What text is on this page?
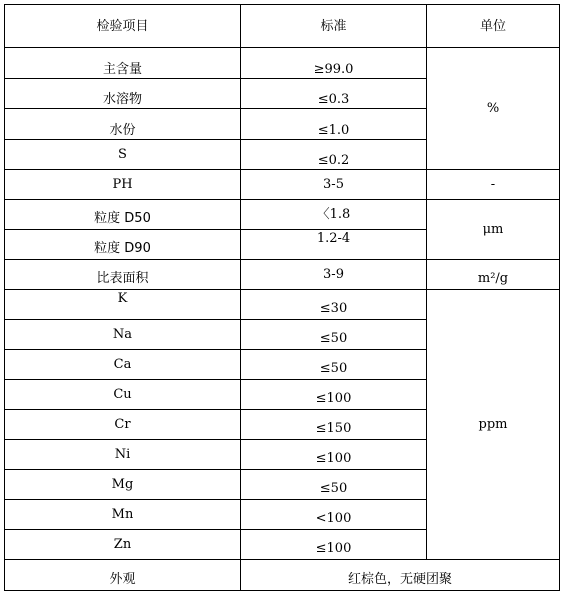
检验项目	标准	单位
主含量	≥99.0	%
水溶物	≤0.3	
水份	≤1.0	
S	≤0.2	
PH	3-5	-
粒度 D50	〈1.8	μm
粒度 D90	1.2-4	
比表面积	3-9	m²/g
K	≤30	ppm
Na	≤50	
Ca	≤50	
Cu	≤100	
Cr	≤150	
Ni	≤100	
Mg	≤50	
Mn	<100	
Zn	≤100	
外观	红棕色，无硬团聚	
